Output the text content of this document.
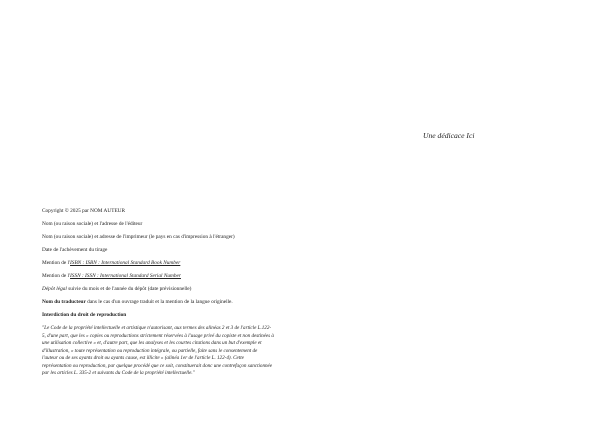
Une dédicace Ici

Copyright © 2025 par NOM AUTEUR

Nom (ou raison sociale) et l'adresse de l'éditeur

Nom (ou raison sociale) et adresse de l'imprimeur (le pays en cas d'impression à l'étranger)

Date de l'achèvement du tirage

Mention de l'ISBN : ISBN : International Standard Book Number

Mention de l'ISSN : ISSN : International Standard Serial Number

Dépôt légal suivie du mois et de l'année du dépôt (date prévisionnelle)

Nom du traducteur dans le cas d'un ouvrage traduit et la mention de la langue originelle.

Interdiction du droit de reproduction

"Le Code de la propriété intellectuelle et artistique n'autorisant, aux termes des alinéas 2 et 3 de l'article L.122-5, d'une part, que les « copies ou reproductions strictement réservées à l'usage privé du copiste et non destinées à une utilisation collective » et, d'autre part, que les analyses et les courtes citations dans un but d'exemple et d'illustration, « toute représentation ou reproduction intégrale, ou partielle, faite sans le consentement de l'auteur ou de ses ayants droit ou ayants cause, est illicite » (alinéa 1er de l'article L. 122-4). Cette représentation ou reproduction, par quelque procédé que ce soit, constituerait donc une contrefaçon sanctionnée par les articles L. 335-2 et suivants du Code de la propriété intellectuelle."
